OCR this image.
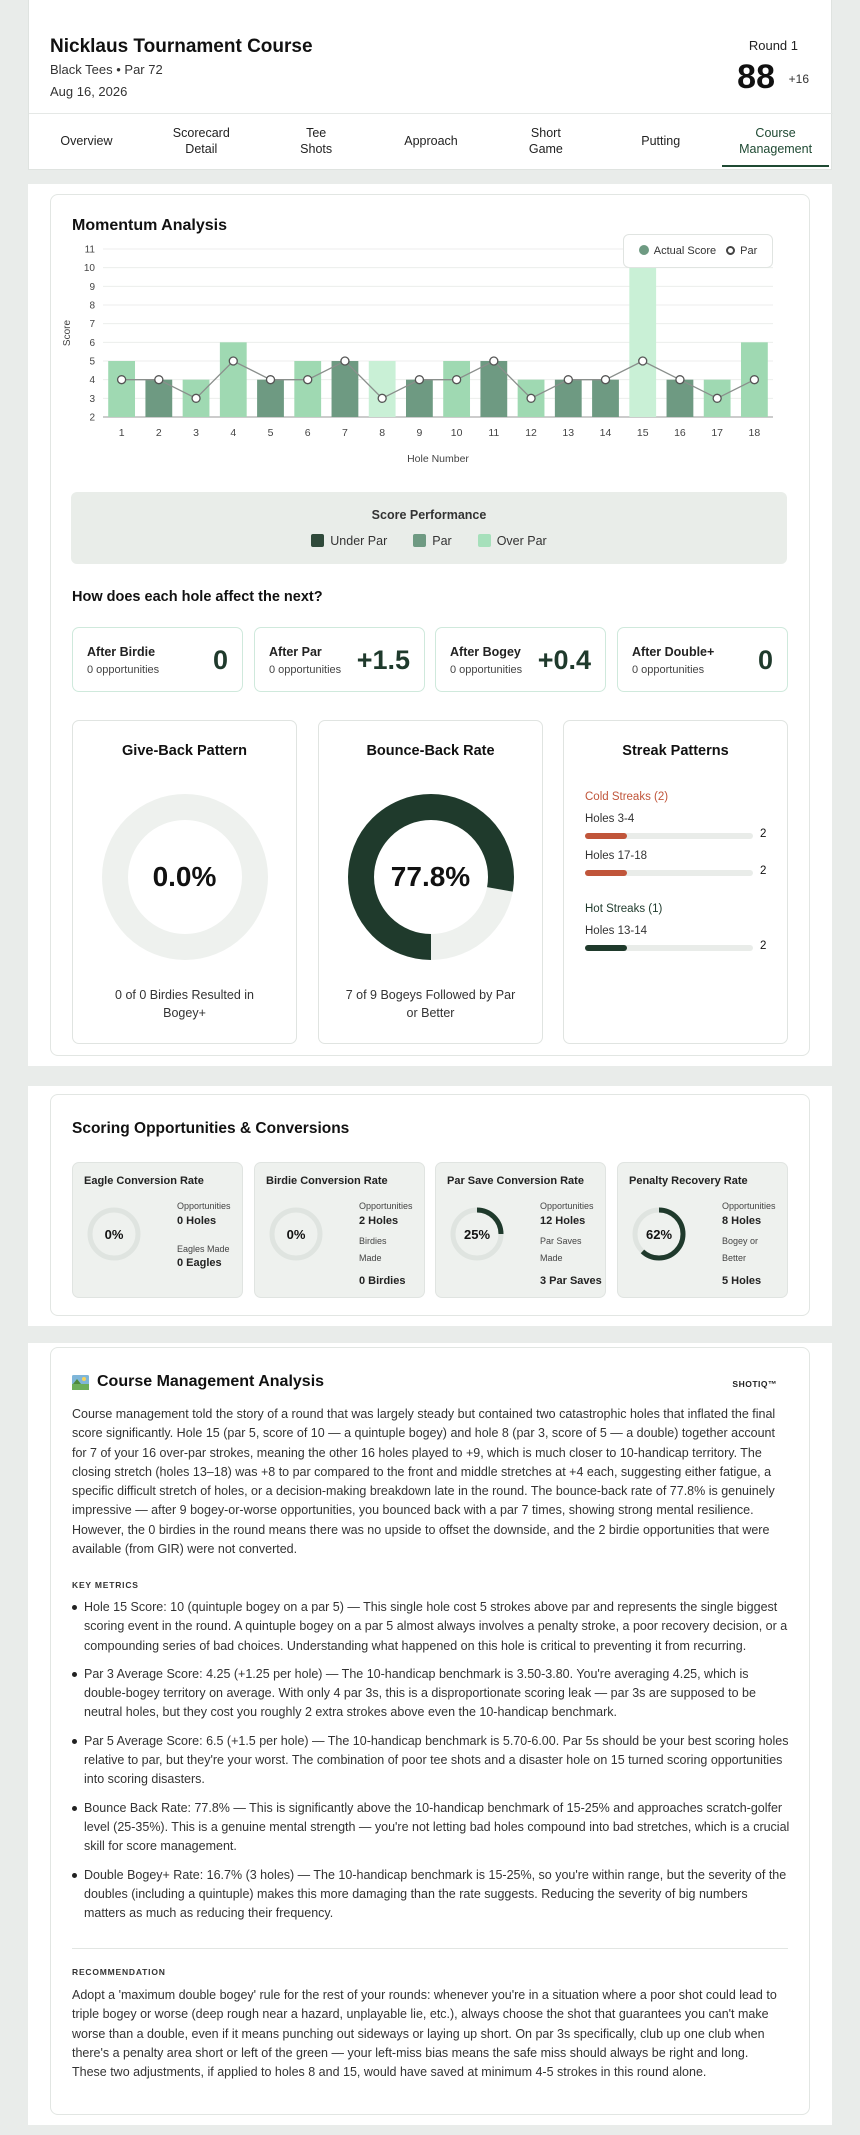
Nicklaus Tournament Course
Black Tees • Par 72
Aug 16, 2026
Round 1
88 +16
Overview
Scorecard
Detail
Tee
Shots
Approach
Short
Game
Putting
Course
Management
Momentum Analysis
2
3
4
5
6
7
8
9
10
11
Score
Hole Number
1	2	3	4	5	6	7	8	9	10 11 12 13 14 15 16 17 18
Actual Score	Par
Score Performance
Under Par	Par	Over Par
How does each hole affect the next?
After Birdie
0 opportunities 0	After Par
0 opportunities +1.5	After Bogey
0 opportunities +0.4	After Double+
0 opportunities 0
Give-Back Pattern
0.0%
0 of 0 Birdies Resulted in Bogey+
Bounce-Back Rate
77.8%
7 of 9 Bogeys Followed by Par or Better
Streak Patterns
Cold Streaks (2)
Holes 3-4
2
Holes 17-18
2
Hot Streaks (1)
Holes 13-14
2
Scoring Opportunities & Conversions
Eagle Conversion Rate
0%
Opportunities
0 Holes
Eagles Made
0 Eagles
Birdie Conversion Rate
0%
Opportunities
2 Holes
Birdies Made
0 Birdies
Par Save Conversion Rate
25%
Opportunities
12 Holes
Par Saves Made
3 Par Saves
Penalty Recovery Rate
62%
Opportunities
8 Holes
Bogey or Better
5 Holes
Course Management Analysis	SHOTIQ™
Course management told the story of a round that was largely steady but contained two catastrophic holes that inflated the final score significantly. Hole 15 (par 5, score of 10 — a quintuple bogey) and hole 8 (par 3, score of 5 — a double) together account for 7 of your 16 over-par strokes, meaning the other 16 holes played to +9, which is much closer to 10-handicap territory. The closing stretch (holes 13–18) was +8 to par compared to the front and middle stretches at +4 each, suggesting either fatigue, a specific difficult stretch of holes, or a decision-making breakdown late in the round. The bounce-back rate of 77.8% is genuinely impressive — after 9 bogey-or-worse opportunities, you bounced back with a par 7 times, showing strong mental resilience. However, the 0 birdies in the round means there was no upside to offset the downside, and the 2 birdie opportunities that were available (from GIR) were not converted.
KEY METRICS
Hole 15 Score: 10 (quintuple bogey on a par 5) — This single hole cost 5 strokes above par and represents the single biggest scoring event in the round. A quintuple bogey on a par 5 almost always involves a penalty stroke, a poor recovery decision, or a compounding series of bad choices. Understanding what happened on this hole is critical to preventing it from recurring.
Par 3 Average Score: 4.25 (+1.25 per hole) — The 10-handicap benchmark is 3.50-3.80. You're averaging 4.25, which is double-bogey territory on average. With only 4 par 3s, this is a disproportionate scoring leak — par 3s are supposed to be neutral holes, but they cost you roughly 2 extra strokes above even the 10-handicap benchmark.
Par 5 Average Score: 6.5 (+1.5 per hole) — The 10-handicap benchmark is 5.70-6.00. Par 5s should be your best scoring holes relative to par, but they're your worst. The combination of poor tee shots and a disaster hole on 15 turned scoring opportunities into scoring disasters.
Bounce Back Rate: 77.8% — This is significantly above the 10-handicap benchmark of 15-25% and approaches scratch-golfer level (25-35%). This is a genuine mental strength — you're not letting bad holes compound into bad stretches, which is a crucial skill for score management.
Double Bogey+ Rate: 16.7% (3 holes) — The 10-handicap benchmark is 15-25%, so you're within range, but the severity of the doubles (including a quintuple) makes this more damaging than the rate suggests. Reducing the severity of big numbers matters as much as reducing their frequency.
RECOMMENDATION
Adopt a 'maximum double bogey' rule for the rest of your rounds: whenever you're in a situation where a poor shot could lead to triple bogey or worse (deep rough near a hazard, unplayable lie, etc.), always choose the shot that guarantees you can't make worse than a double, even if it means punching out sideways or laying up short. On par 3s specifically, club up one club when there's a penalty area short or left of the green — your left-miss bias means the safe miss should always be right and long. These two adjustments, if applied to holes 8 and 15, would have saved at minimum 4-5 strokes in this round alone.
